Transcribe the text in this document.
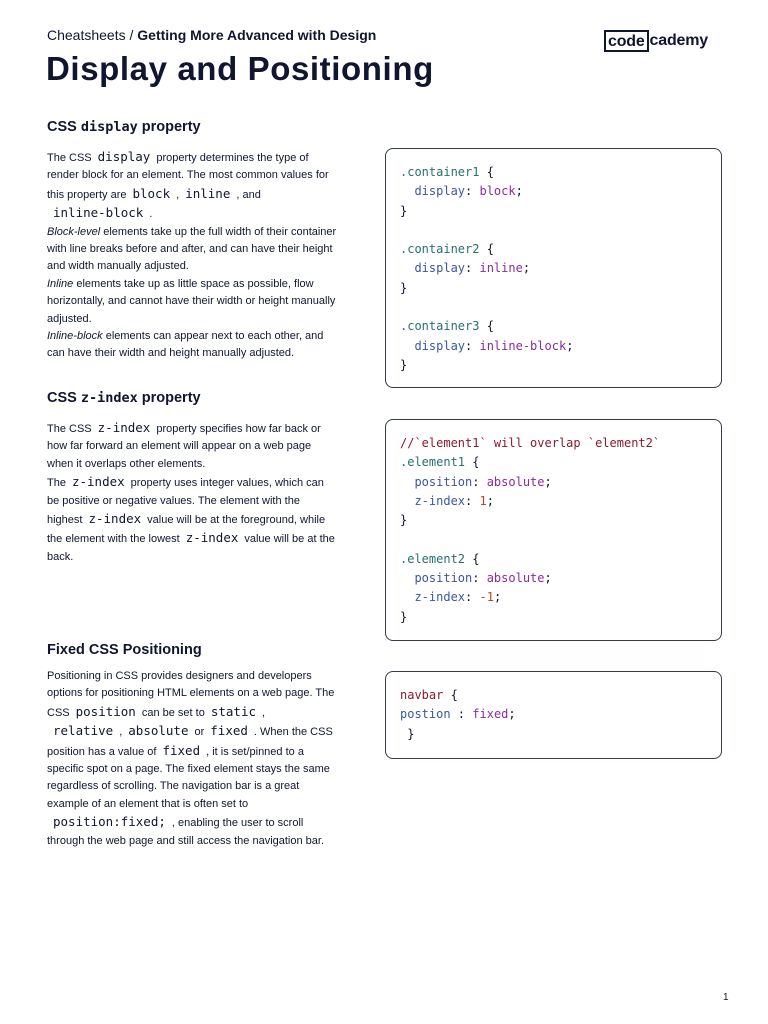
Cheatsheets / Getting More Advanced with Design	code cademy
Display and Positioning
CSS display property

The CSS display property determines the type of render block for an element. The most common values for this property are block , inline , and
inline-block .

Block-level elements take up the full width of their container with line breaks before and after, and can have their height and width manually adjusted.

Inline elements take up as little space as possible, flow horizontally, and cannot have their width or height manually adjusted.

Inline-block elements can appear next to each other, and can have their width and height manually adjusted.

.container1 {
display: block;
}

.container2 {
display: inline;
}

.container3 {
display: inline-block;
}
CSS z-index property

The CSS z-index property specifies how far back or how far forward an element will appear on a web page when it overlaps other elements.

The z-index property uses integer values, which can be positive or negative values. The element with the highest z-index value will be at the foreground, while the element with the lowest z-index value will be at the back.

//`element1` will overlap `element2`
.element1 {
position: absolute;
z-index: 1;
}

.element2 {
position: absolute;
z-index: -1;
}
Fixed CSS Positioning

Positioning in CSS provides designers and developers options for positioning HTML elements on a web page. The CSS position can be set to static ,
relative , absolute or fixed . When the CSS position has a value of fixed , it is set/pinned to a specific spot on a page. The fixed element stays the same regardless of scrolling. The navigation bar is a great example of an element that is often set to
position:fixed; , enabling the user to scroll through the web page and still access the navigation bar.

navbar {
postion : fixed;
}
1
